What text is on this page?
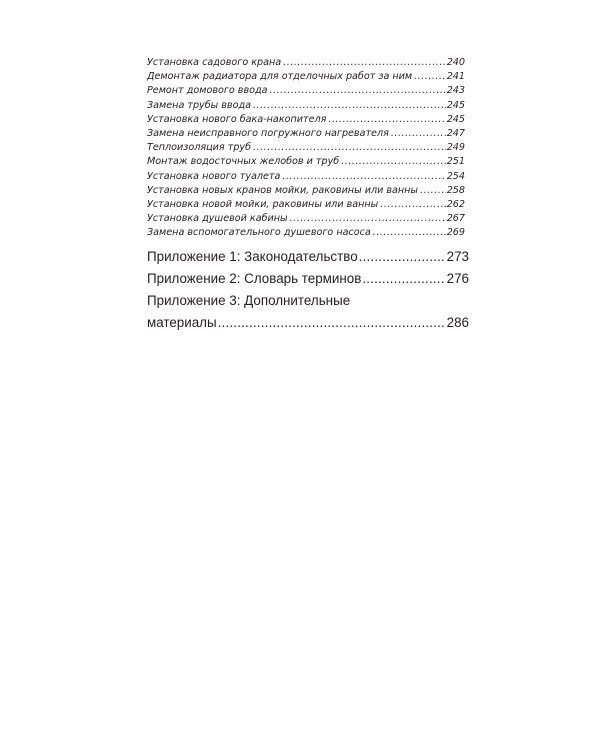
Установка садового крана .....	240
Демонтаж радиатора для отделочных работ за ним .....	241
Ремонт домового ввода .....	243
Замена трубы ввода .....	245
Установка нового бака-накопителя .....	245
Замена неисправного погружного нагревателя .....	247
Теплоизоляция труб .....	249
Монтаж водосточных желобов и труб .....	251
Установка нового туалета .....	254
Установка новых кранов мойки, раковины или ванны .....	258
Установка новой мойки, раковины или ванны .....	262
Установка душевой кабины .....	267
Замена вспомогательного душевого насоса .....	269
Приложение 1: Законодательство .....	273
Приложение 2: Словарь терминов .....	276
Приложение 3: Дополнительные
материалы .....	286
